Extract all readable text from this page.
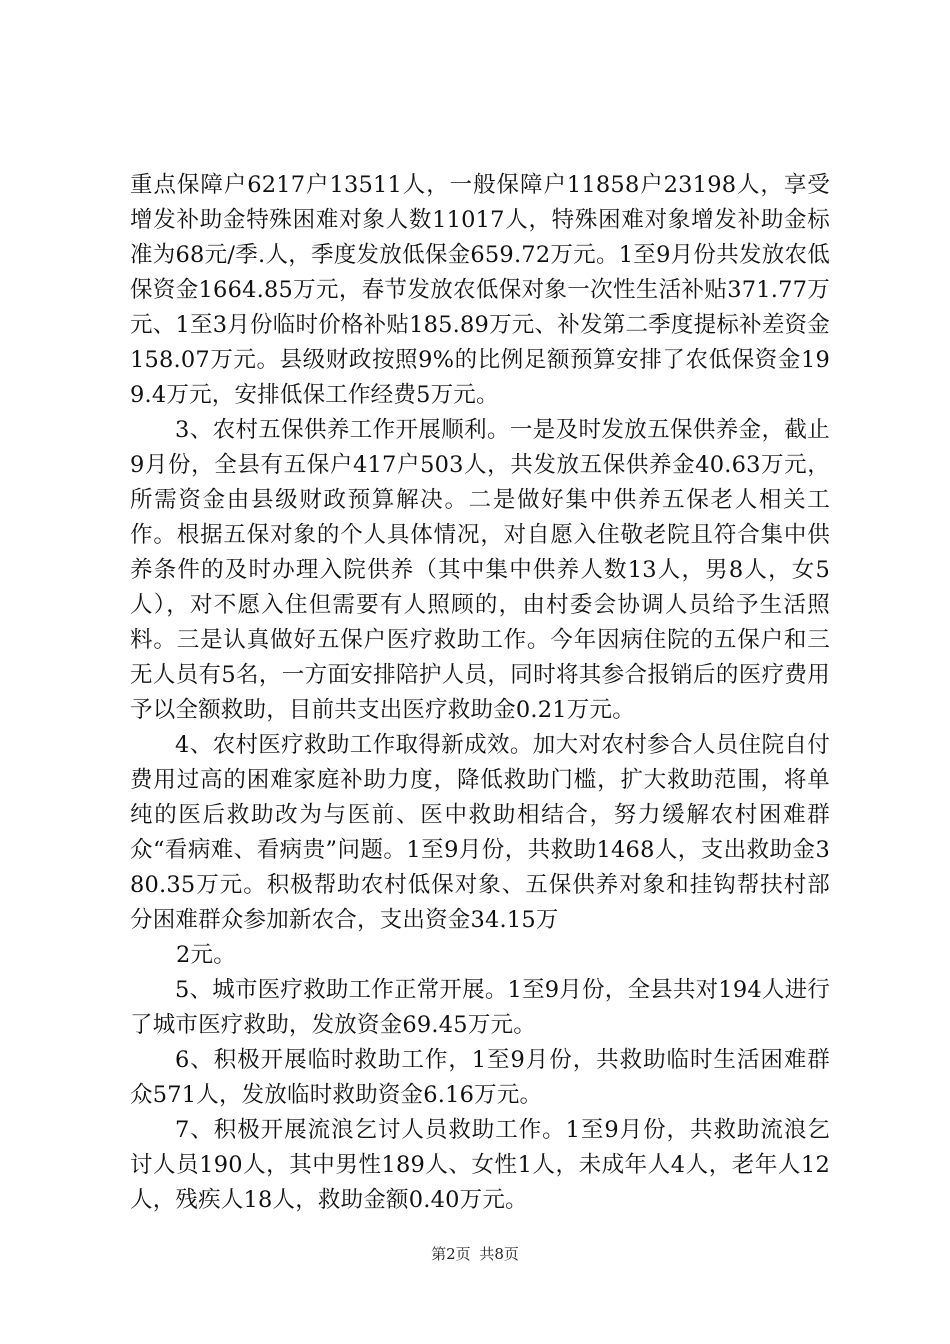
重点保障户6217户13511人，一般保障户11858户23198人，享受增发补助金特殊困难对象人数11017人，特殊困难对象增发补助金标准为68元/季.人，季度发放低保金659.72万元。1至9月份共发放农低保资金1664.85万元，春节发放农低保对象一次性生活补贴371.77万元、1至3月份临时价格补贴185.89万元、补发第二季度提标补差资金158.07万元。县级财政按照9%的比例足额预算安排了农低保资金199.4万元，安排低保工作经费5万元。

3、农村五保供养工作开展顺利。一是及时发放五保供养金，截止9月份，全县有五保户417户503人，共发放五保供养金40.63万元，所需资金由县级财政预算解决。二是做好集中供养五保老人相关工作。根据五保对象的个人具体情况，对自愿入住敬老院且符合集中供养条件的及时办理入院供养（其中集中供养人数13人，男8人，女5人），对不愿入住但需要有人照顾的，由村委会协调人员给予生活照料。三是认真做好五保户医疗救助工作。今年因病住院的五保户和三无人员有5名，一方面安排陪护人员，同时将其参合报销后的医疗费用予以全额救助，目前共支出医疗救助金0.21万元。

4、农村医疗救助工作取得新成效。加大对农村参合人员住院自付费用过高的困难家庭补助力度，降低救助门槛，扩大救助范围，将单纯的医后救助改为与医前、医中救助相结合，努力缓解农村困难群众“看病难、看病贵”问题。1至9月份，共救助1468人，支出救助金380.35万元。积极帮助农村低保对象、五保供养对象和挂钩帮扶村部分困难群众参加新农合，支出资金34.15万

2元。

5、城市医疗救助工作正常开展。1至9月份，全县共对194人进行了城市医疗救助，发放资金69.45万元。

6、积极开展临时救助工作，1至9月份，共救助临时生活困难群众571人，发放临时救助资金6.16万元。

7、积极开展流浪乞讨人员救助工作。1至9月份，共救助流浪乞讨人员190人，其中男性189人、女性1人，未成年人4人，老年人12人，残疾人18人，救助金额0.40万元。

第2页 共8页
